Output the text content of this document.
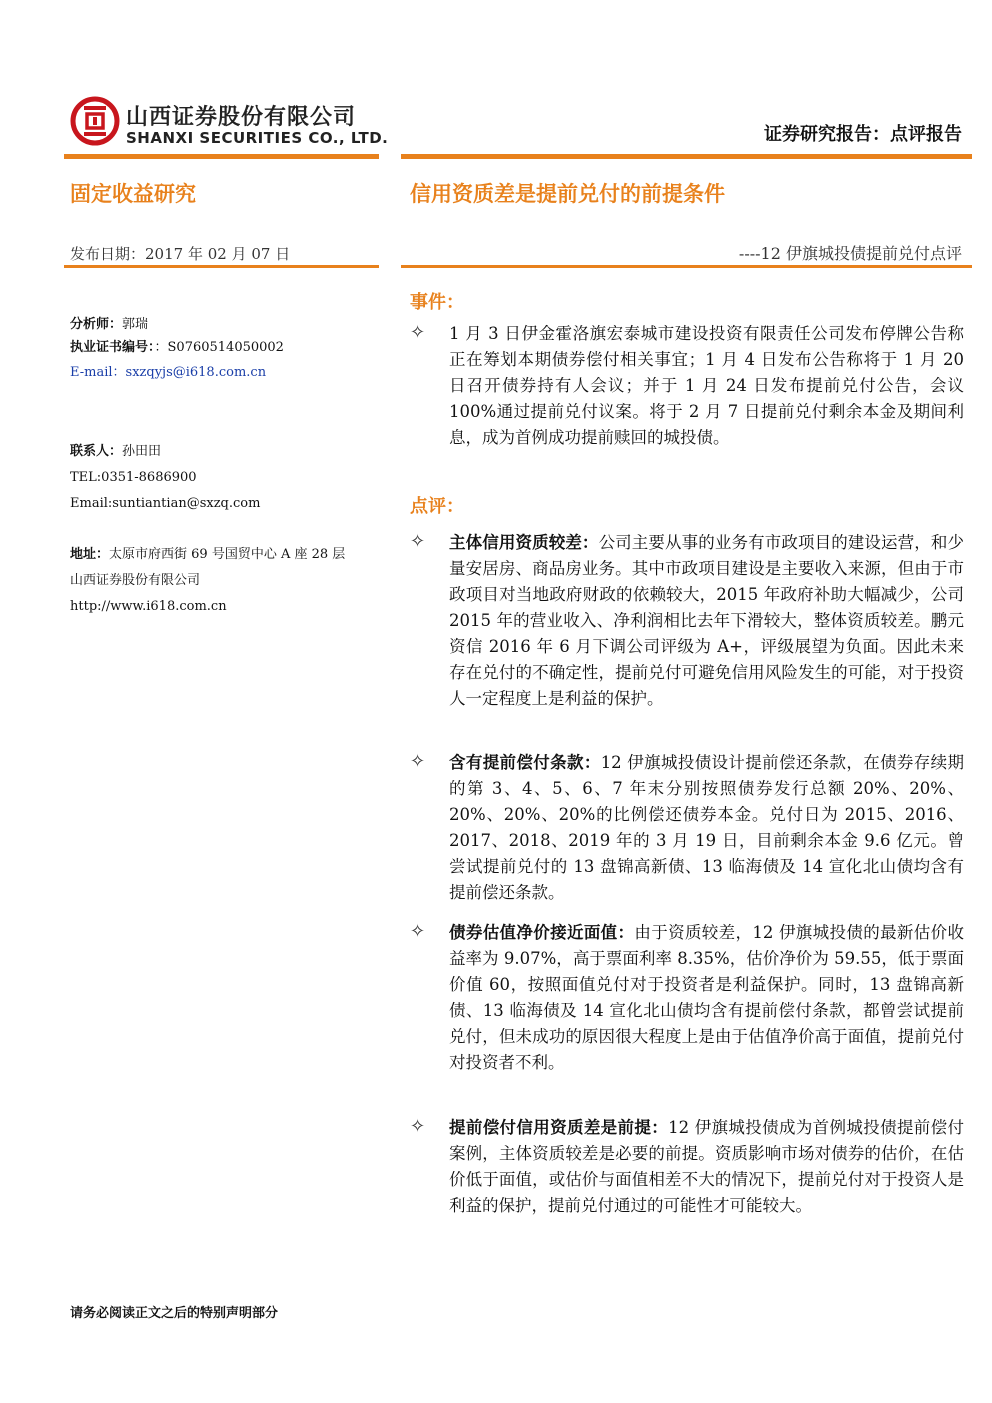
山西证券股份有限公司
SHANXI SECURITIES CO., LTD.	证券研究报告：点评报告
固定收益研究	信用资质差是提前兑付的前提条件
发布日期：2017 年 02 月 07 日	----12 伊旗城投债提前兑付点评
分析师：郭瑞
执业证书编号：：S0760514050002
E-mail：sxzqyjs@i618.com.cn
联系人：孙田田
TEL:0351-8686900
Email:suntiantian@sxzq.com
地址：太原市府西街 69 号国贸中心 A 座 28 层
山西证券股份有限公司
http://www.i618.com.cn
事件：
✧ 1 月 3 日伊金霍洛旗宏泰城市建设投资有限责任公司发布停牌公告称正在筹划本期债券偿付相关事宜；1 月 4 日发布公告称将于 1 月 20 日召开债券持有人会议；并于 1 月 24 日发布提前兑付公告，会议 100%通过提前兑付议案。将于 2 月 7 日提前兑付剩余本金及期间利息，成为首例成功提前赎回的城投债。
点评：
✧ 主体信用资质较差：公司主要从事的业务有市政项目的建设运营，和少量安居房、商品房业务。其中市政项目建设是主要收入来源，但由于市政项目对当地政府财政的依赖较大，2015 年政府补助大幅减少，公司 2015 年的营业收入、净利润相比去年下滑较大，整体资质较差。鹏元资信 2016 年 6 月下调公司评级为 A+，评级展望为负面。因此未来存在兑付的不确定性，提前兑付可避免信用风险发生的可能，对于投资人一定程度上是利益的保护。
✧ 含有提前偿付条款：12 伊旗城投债设计提前偿还条款，在债券存续期的第 3、4、5、6、7 年末分别按照债券发行总额 20%、20%、20%、20%、20%的比例偿还债券本金。兑付日为 2015、2016、2017、2018、2019 年的 3 月 19 日，目前剩余本金 9.6 亿元。曾尝试提前兑付的 13 盘锦高新债、13 临海债及 14 宣化北山债均含有提前偿还条款。
✧ 债券估值净价接近面值：由于资质较差，12 伊旗城投债的最新估价收益率为 9.07%，高于票面利率 8.35%，估价净价为 59.55，低于票面价值 60，按照面值兑付对于投资者是利益保护。同时，13 盘锦高新债、13 临海债及 14 宣化北山债均含有提前偿付条款，都曾尝试提前兑付，但未成功的原因很大程度上是由于估值净价高于面值，提前兑付对投资者不利。
✧ 提前偿付信用资质差是前提：12 伊旗城投债成为首例城投债提前偿付案例，主体资质较差是必要的前提。资质影响市场对债券的估价，在估价低于面值，或估价与面值相差不大的情况下，提前兑付对于投资人是利益的保护，提前兑付通过的可能性才可能较大。
请务必阅读正文之后的特别声明部分
